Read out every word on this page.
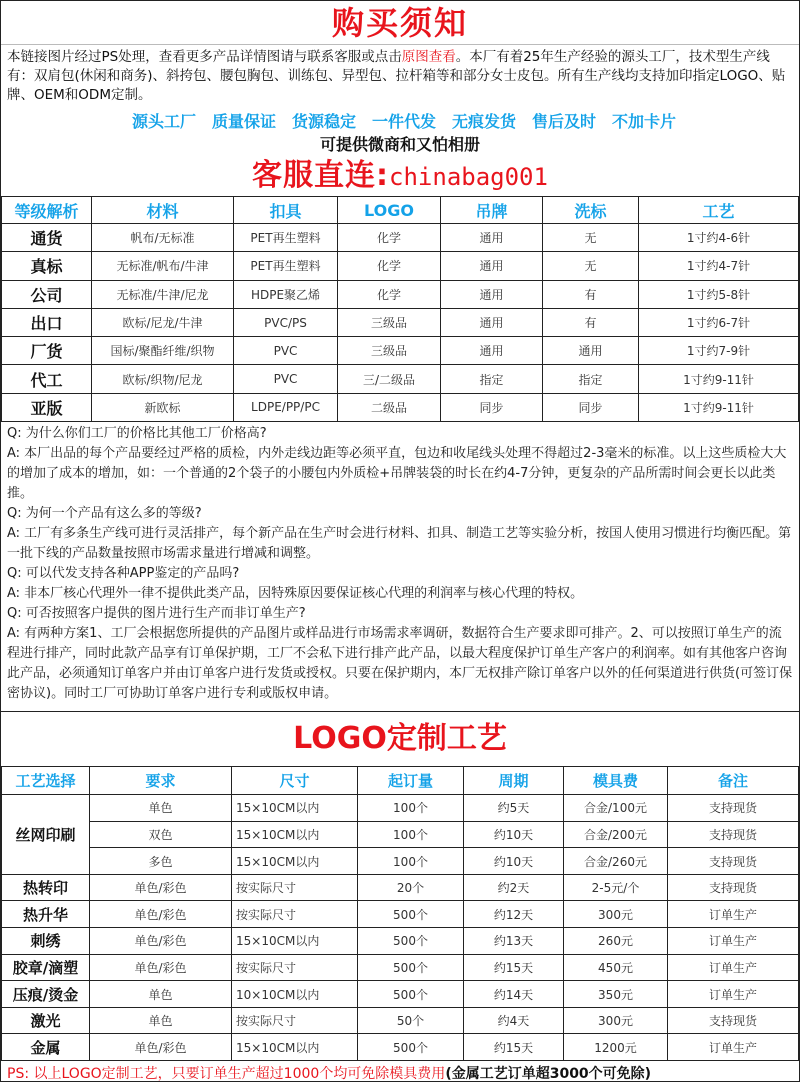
购买须知
本链接图片经过PS处理，查看更多产品详情图请与联系客服或点击原图查看。本厂有着25年生产经验的源头工厂，技术型生产线有：双肩包(休闲和商务)、斜挎包、腰包胸包、训练包、异型包、拉杆箱等和部分女士皮包。所有生产线均支持加印指定LOGO、贴牌、OEM和ODM定制。
源头工厂 质量保证 货源稳定 一件代发 无痕发货 售后及时 不加卡片
可提供微商和又怕相册
客服直连:chinabag001
等级解析	材料	扣具	LOGO	吊牌	洗标	工艺
通货	帆布/无标准	PET再生塑料	化学	通用	无	1寸约4-6针
真标	无标准/帆布/牛津	PET再生塑料	化学	通用	无	1寸约4-7针
公司	无标准/牛津/尼龙	HDPE聚乙烯	化学	通用	有	1寸约5-8针
出口	欧标/尼龙/牛津	PVC/PS	三级品	通用	有	1寸约6-7针
厂货	国标/聚酯纤维/织物	PVC	三级品	通用	通用	1寸约7-9针
代工	欧标/织物/尼龙	PVC	三/二级品	指定	指定	1寸约9-11针
亚版	新欧标	LDPE/PP/PC	二级品	同步	同步	1寸约9-11针
Q: 为什么你们工厂的价格比其他工厂价格高?
A: 本厂出品的每个产品要经过严格的质检，内外走线边距等必须平直，包边和收尾线头处理不得超过2-3毫米的标准。以上这些质检大大的增加了成本的增加，如：一个普通的2个袋子的小腰包内外质检+吊牌装袋的时长在约4-7分钟，更复杂的产品所需时间会更长以此类推。
Q: 为何一个产品有这么多的等级?
A: 工厂有多条生产线可进行灵活排产，每个新产品在生产时会进行材料、扣具、制造工艺等实验分析，按国人使用习惯进行均衡匹配。第一批下线的产品数量按照市场需求量进行增减和调整。
Q: 可以代发支持各种APP鉴定的产品吗?
A: 非本厂核心代理外一律不提供此类产品，因特殊原因要保证核心代理的利润率与核心代理的特权。
Q: 可否按照客户提供的图片进行生产而非订单生产?
A: 有两种方案1、工厂会根据您所提供的产品图片或样品进行市场需求率调研，数据符合生产要求即可排产。2、可以按照订单生产的流程进行排产，同时此款产品享有订单保护期，工厂不会私下进行排产此产品，以最大程度保护订单生产客户的利润率。如有其他客户咨询此产品，必须通知订单客户并由订单客户进行发货或授权。只要在保护期内，本厂无权排产除订单客户以外的任何渠道进行供货(可签订保密协议)。同时工厂可协助订单客户进行专利或版权申请。
LOGO定制工艺
工艺选择	要求	尺寸	起订量	周期	模具费	备注
丝网印刷	单色	15×10CM以内	100个	约5天	合金/100元	支持现货
	双色	15×10CM以内	100个	约10天	合金/200元	支持现货
	多色	15×10CM以内	100个	约10天	合金/260元	支持现货
热转印	单色/彩色	按实际尺寸	20个	约2天	2-5元/个	支持现货
热升华	单色/彩色	按实际尺寸	500个	约12天	300元	订单生产
刺绣	单色/彩色	15×10CM以内	500个	约13天	260元	订单生产
胶章/滴塑	单色/彩色	按实际尺寸	500个	约15天	450元	订单生产
压痕/烫金	单色	10×10CM以内	500个	约14天	350元	订单生产
激光	单色	按实际尺寸	50个	约4天	300元	支持现货
金属	单色/彩色	15×10CM以内	500个	约15天	1200元	订单生产
PS: 以上LOGO定制工艺，只要订单生产超过1000个均可免除模具费用(金属工艺订单超3000个可免除)
